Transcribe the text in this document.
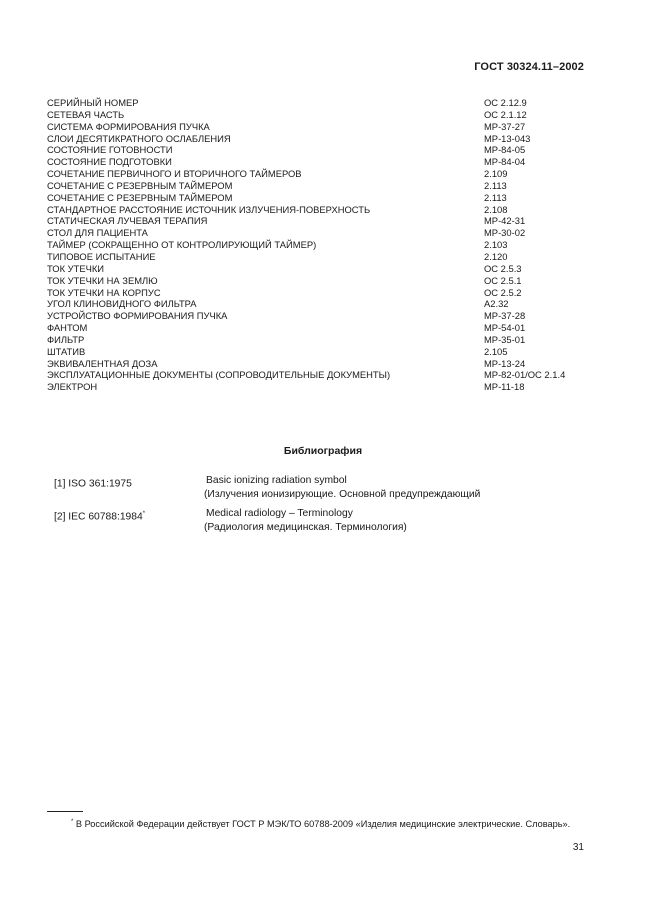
ГОСТ 30324.11–2002
СЕРИЙНЫЙ НОМЕР	ОС 2.12.9
СЕТЕВАЯ ЧАСТЬ	ОС 2.1.12
СИСТЕМА ФОРМИРОВАНИЯ ПУЧКА	МР-37-27
СЛОИ ДЕСЯТИКРАТНОГО ОСЛАБЛЕНИЯ	МР-13-043
СОСТОЯНИЕ ГОТОВНОСТИ	МР-84-05
СОСТОЯНИЕ ПОДГОТОВКИ	МР-84-04
СОЧЕТАНИЕ ПЕРВИЧНОГО И ВТОРИЧНОГО ТАЙМЕРОВ	2.109
СОЧЕТАНИЕ С РЕЗЕРВНЫМ ТАЙМЕРОМ	2.113
СОЧЕТАНИЕ С РЕЗЕРВНЫМ ТАЙМЕРОМ	2.113
СТАНДАРТНОЕ РАССТОЯНИЕ ИСТОЧНИК ИЗЛУЧЕНИЯ-ПОВЕРХНОСТЬ	2.108
СТАТИЧЕСКАЯ ЛУЧЕВАЯ ТЕРАПИЯ	МР-42-31
СТОЛ ДЛЯ ПАЦИЕНТА	МР-30-02
ТАЙМЕР (СОКРАЩЕННО ОТ КОНТРОЛИРУЮЩИЙ ТАЙМЕР)	2.103
ТИПОВОЕ ИСПЫТАНИЕ	2.120
ТОК УТЕЧКИ	ОС 2.5.3
ТОК УТЕЧКИ НА ЗЕМЛЮ	ОС 2.5.1
ТОК УТЕЧКИ НА КОРПУС	ОС 2.5.2
УГОЛ КЛИНОВИДНОГО ФИЛЬТРА	А2.32
УСТРОЙСТВО ФОРМИРОВАНИЯ ПУЧКА	МР-37-28
ФАНТОМ	МР-54-01
ФИЛЬТР	МР-35-01
ШТАТИВ	2.105
ЭКВИВАЛЕНТНАЯ ДОЗА	МР-13-24
ЭКСПЛУАТАЦИОННЫЕ ДОКУМЕНТЫ (СОПРОВОДИТЕЛЬНЫЕ ДОКУМЕНТЫ)	МР-82-01/ОС 2.1.4
ЭЛЕКТРОН	МР-11-18
Библиография
[1] ISO 361:1975	Basic ionizing radiation symbol
(Излучения ионизирующие. Основной предупреждающий
[2] IEC 60788:1984*	Medical radiology – Terminology
(Радиология медицинская. Терминология)
* В Российской Федерации действует ГОСТ Р МЭК/ТО 60788-2009 «Изделия медицинские электрические. Словарь».
31
